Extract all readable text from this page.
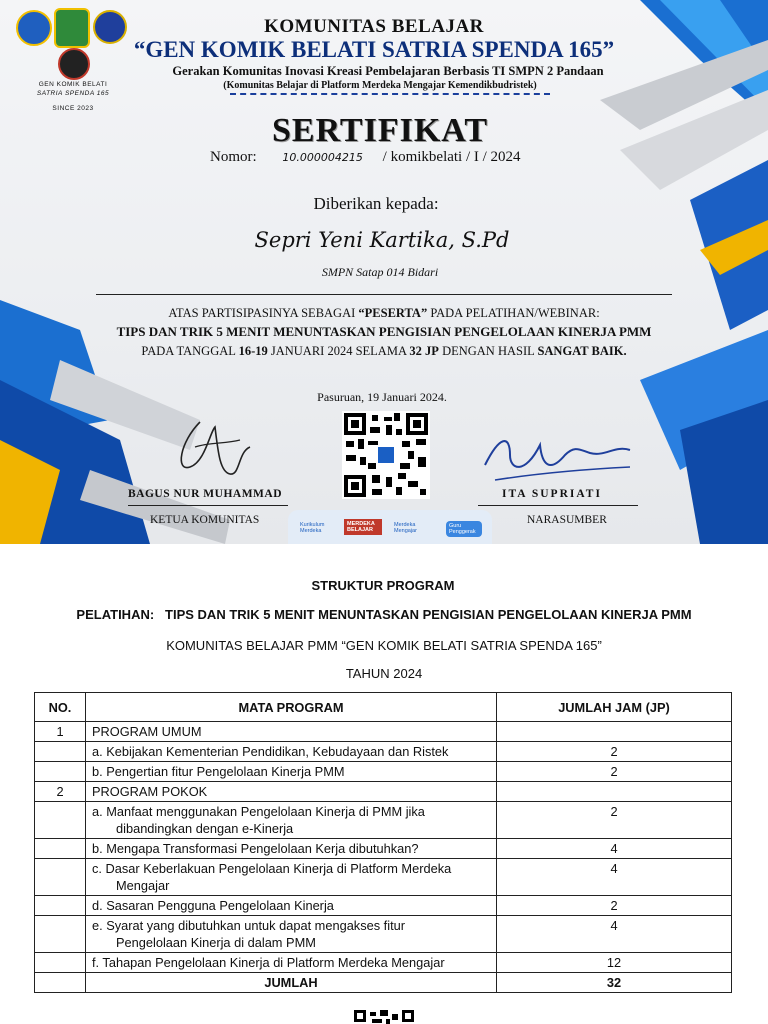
GEN KOMIK BELATI
SATRIA SPENDA 165
SINCE 2023
KOMUNITAS BELAJAR
“GEN KOMIK BELATI SATRIA SPENDA 165”
Gerakan Komunitas Inovasi Kreasi Pembelajaran Berbasis TI SMPN 2 Pandaan
(Komunitas Belajar di Platform Merdeka Mengajar Kemendikbudristek)
SERTIFIKAT
Nomor: 10.000004215 / komikbelati / I / 2024
Diberikan kepada:
Sepri Yeni Kartika, S.Pd
SMPN Satap 014 Bidari
ATAS PARTISIPASINYA SEBAGAI “PESERTA” PADA PELATIHAN/WEBINAR:
TIPS DAN TRIK 5 MENIT MENUNTASKAN PENGISIAN PENGELOLAAN KINERJA PMM
PADA TANGGAL 16-19 JANUARI 2024 SELAMA 32 JP DENGAN HASIL SANGAT BAIK.
Pasuruan, 19 Januari 2024.
BAGUS NUR MUHAMMAD
KETUA KOMUNITAS
ITA SUPRIATI
NARASUMBER
Kurikulum Merdeka
MERDEKA BELAJAR
Merdeka Mengajar
Guru Penggerak
STRUKTUR PROGRAM
PELATIHAN: TIPS DAN TRIK 5 MENIT MENUNTASKAN PENGISIAN PENGELOLAAN KINERJA PMM
KOMUNITAS BELAJAR PMM “GEN KOMIK BELATI SATRIA SPENDA 165”
TAHUN 2024
NO.	MATA PROGRAM	JUMLAH JAM (JP)
1	PROGRAM UMUM	
	a. Kebijakan Kementerian Pendidikan, Kebudayaan dan Ristek	2
	b. Pengertian fitur Pengelolaan Kinerja PMM	2
2	PROGRAM POKOK	
	a. Manfaat menggunakan Pengelolaan Kinerja di PMM jika
dibandingkan dengan e-Kinerja	2
	b. Mengapa Transformasi Pengelolaan Kerja dibutuhkan?	4
	c. Dasar Keberlakuan Pengelolaan Kinerja di Platform Merdeka
Mengajar	4
	d. Sasaran Pengguna Pengelolaan Kinerja	2
	e. Syarat yang dibutuhkan untuk dapat mengakses fitur
Pengelolaan Kinerja di dalam PMM	4
	f. Tahapan Pengelolaan Kinerja di Platform Merdeka Mengajar	12
	JUMLAH	32
